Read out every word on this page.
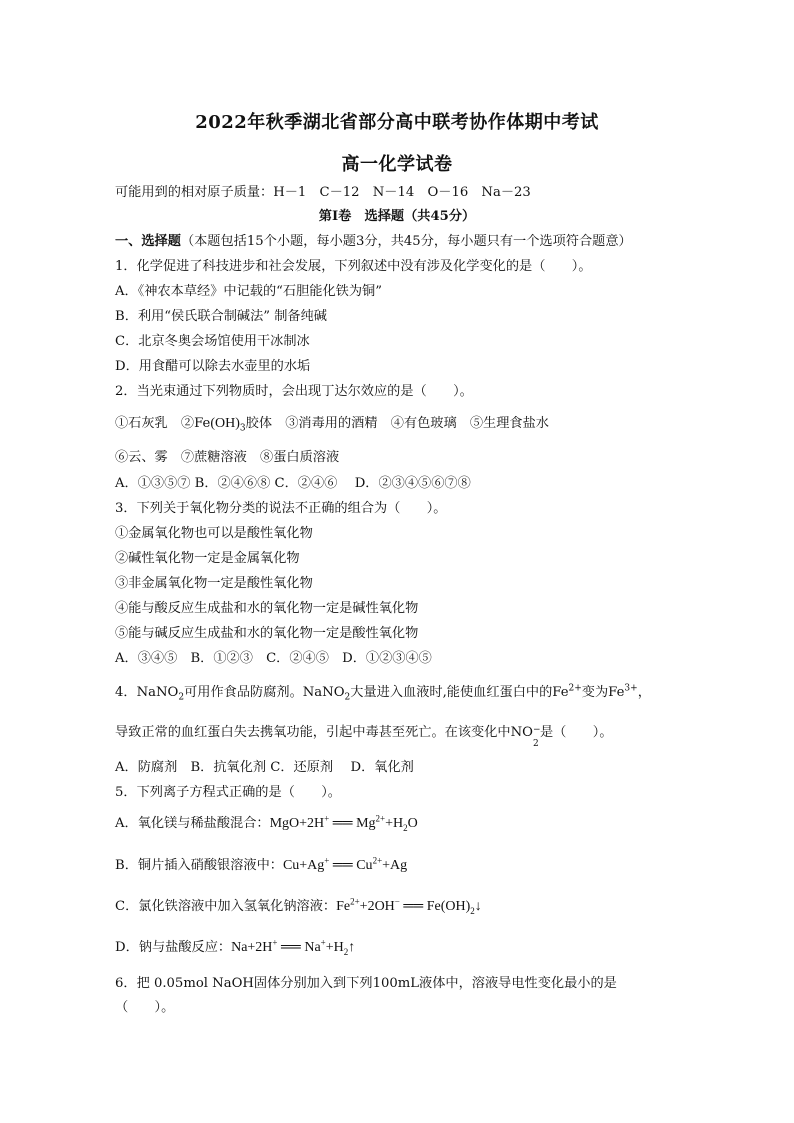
2022年秋季湖北省部分高中联考协作体期中考试
高一化学试卷
可能用到的相对原子质量：H－1　C－12　N－14　O－16　Na－23
第Ⅰ卷　选择题（共45分）
一、选择题（本题包括15个小题，每小题3分，共45分，每小题只有一个选项符合题意）
1．化学促进了科技进步和社会发展，下列叙述中没有涉及化学变化的是（　　）。
A．《神农本草经》中记载的“石胆能化铁为铜”
B．利用“侯氏联合制碱法” 制备纯碱
C．北京冬奥会场馆使用干冰制冰
D．用食醋可以除去水壶里的水垢
2．当光束通过下列物质时，会出现丁达尔效应的是（　　）。
①石灰乳　$②Fe(OH)_3$胶体　③消毒用的酒精　④有色玻璃　⑤生理食盐水
⑥云、雾　⑦蔗糖溶液　⑧蛋白质溶液
A．①③⑤⑦ B．②④⑥⑧ C．②④⑥　 D．②③④⑤⑥⑦⑧
3．下列关于氧化物分类的说法不正确的组合为（　　）。
①金属氧化物也可以是酸性氧化物
②碱性氧化物一定是金属氧化物
③非金属氧化物一定是酸性氧化物
④能与酸反应生成盐和水的氧化物一定是碱性氧化物
⑤能与碱反应生成盐和水的氧化物一定是酸性氧化物
A．③④⑤　B．①②③　C．②④⑤　D．①②③④⑤
4．NaNO$_2$可用作食品防腐剂。NaNO$_2$大量进入血液时,能使血红蛋白中的$Fe^{2+}$变为$Fe^{3+}$，
导致正常的血红蛋白失去携氧功能，引起中毒甚至死亡。在该变化中NO −
2
是（　　）。
A．防腐剂　B．抗氧化剂 C．还原剂　 D．氧化剂
5．下列离子方程式正确的是（　　）。
A．氧化镁与稀盐酸混合：MgO+2H+ ══ $Mg^{2+}+H_2O$
B．铜片插入硝酸银溶液中：Cu+Ag+ ══ $Cu^{2+}+Ag$
C．氯化铁溶液中加入氢氧化钠溶液：$Fe^{2+}+2OH^-$ ══ $Fe(OH)_2↓$
D．钠与盐酸反应：Na+2H+ ══ $Na^++H_2↑$
6．把 0.05mol NaOH固体分别加入到下列100mL液体中，溶液导电性变化最小的是
（　　）。
